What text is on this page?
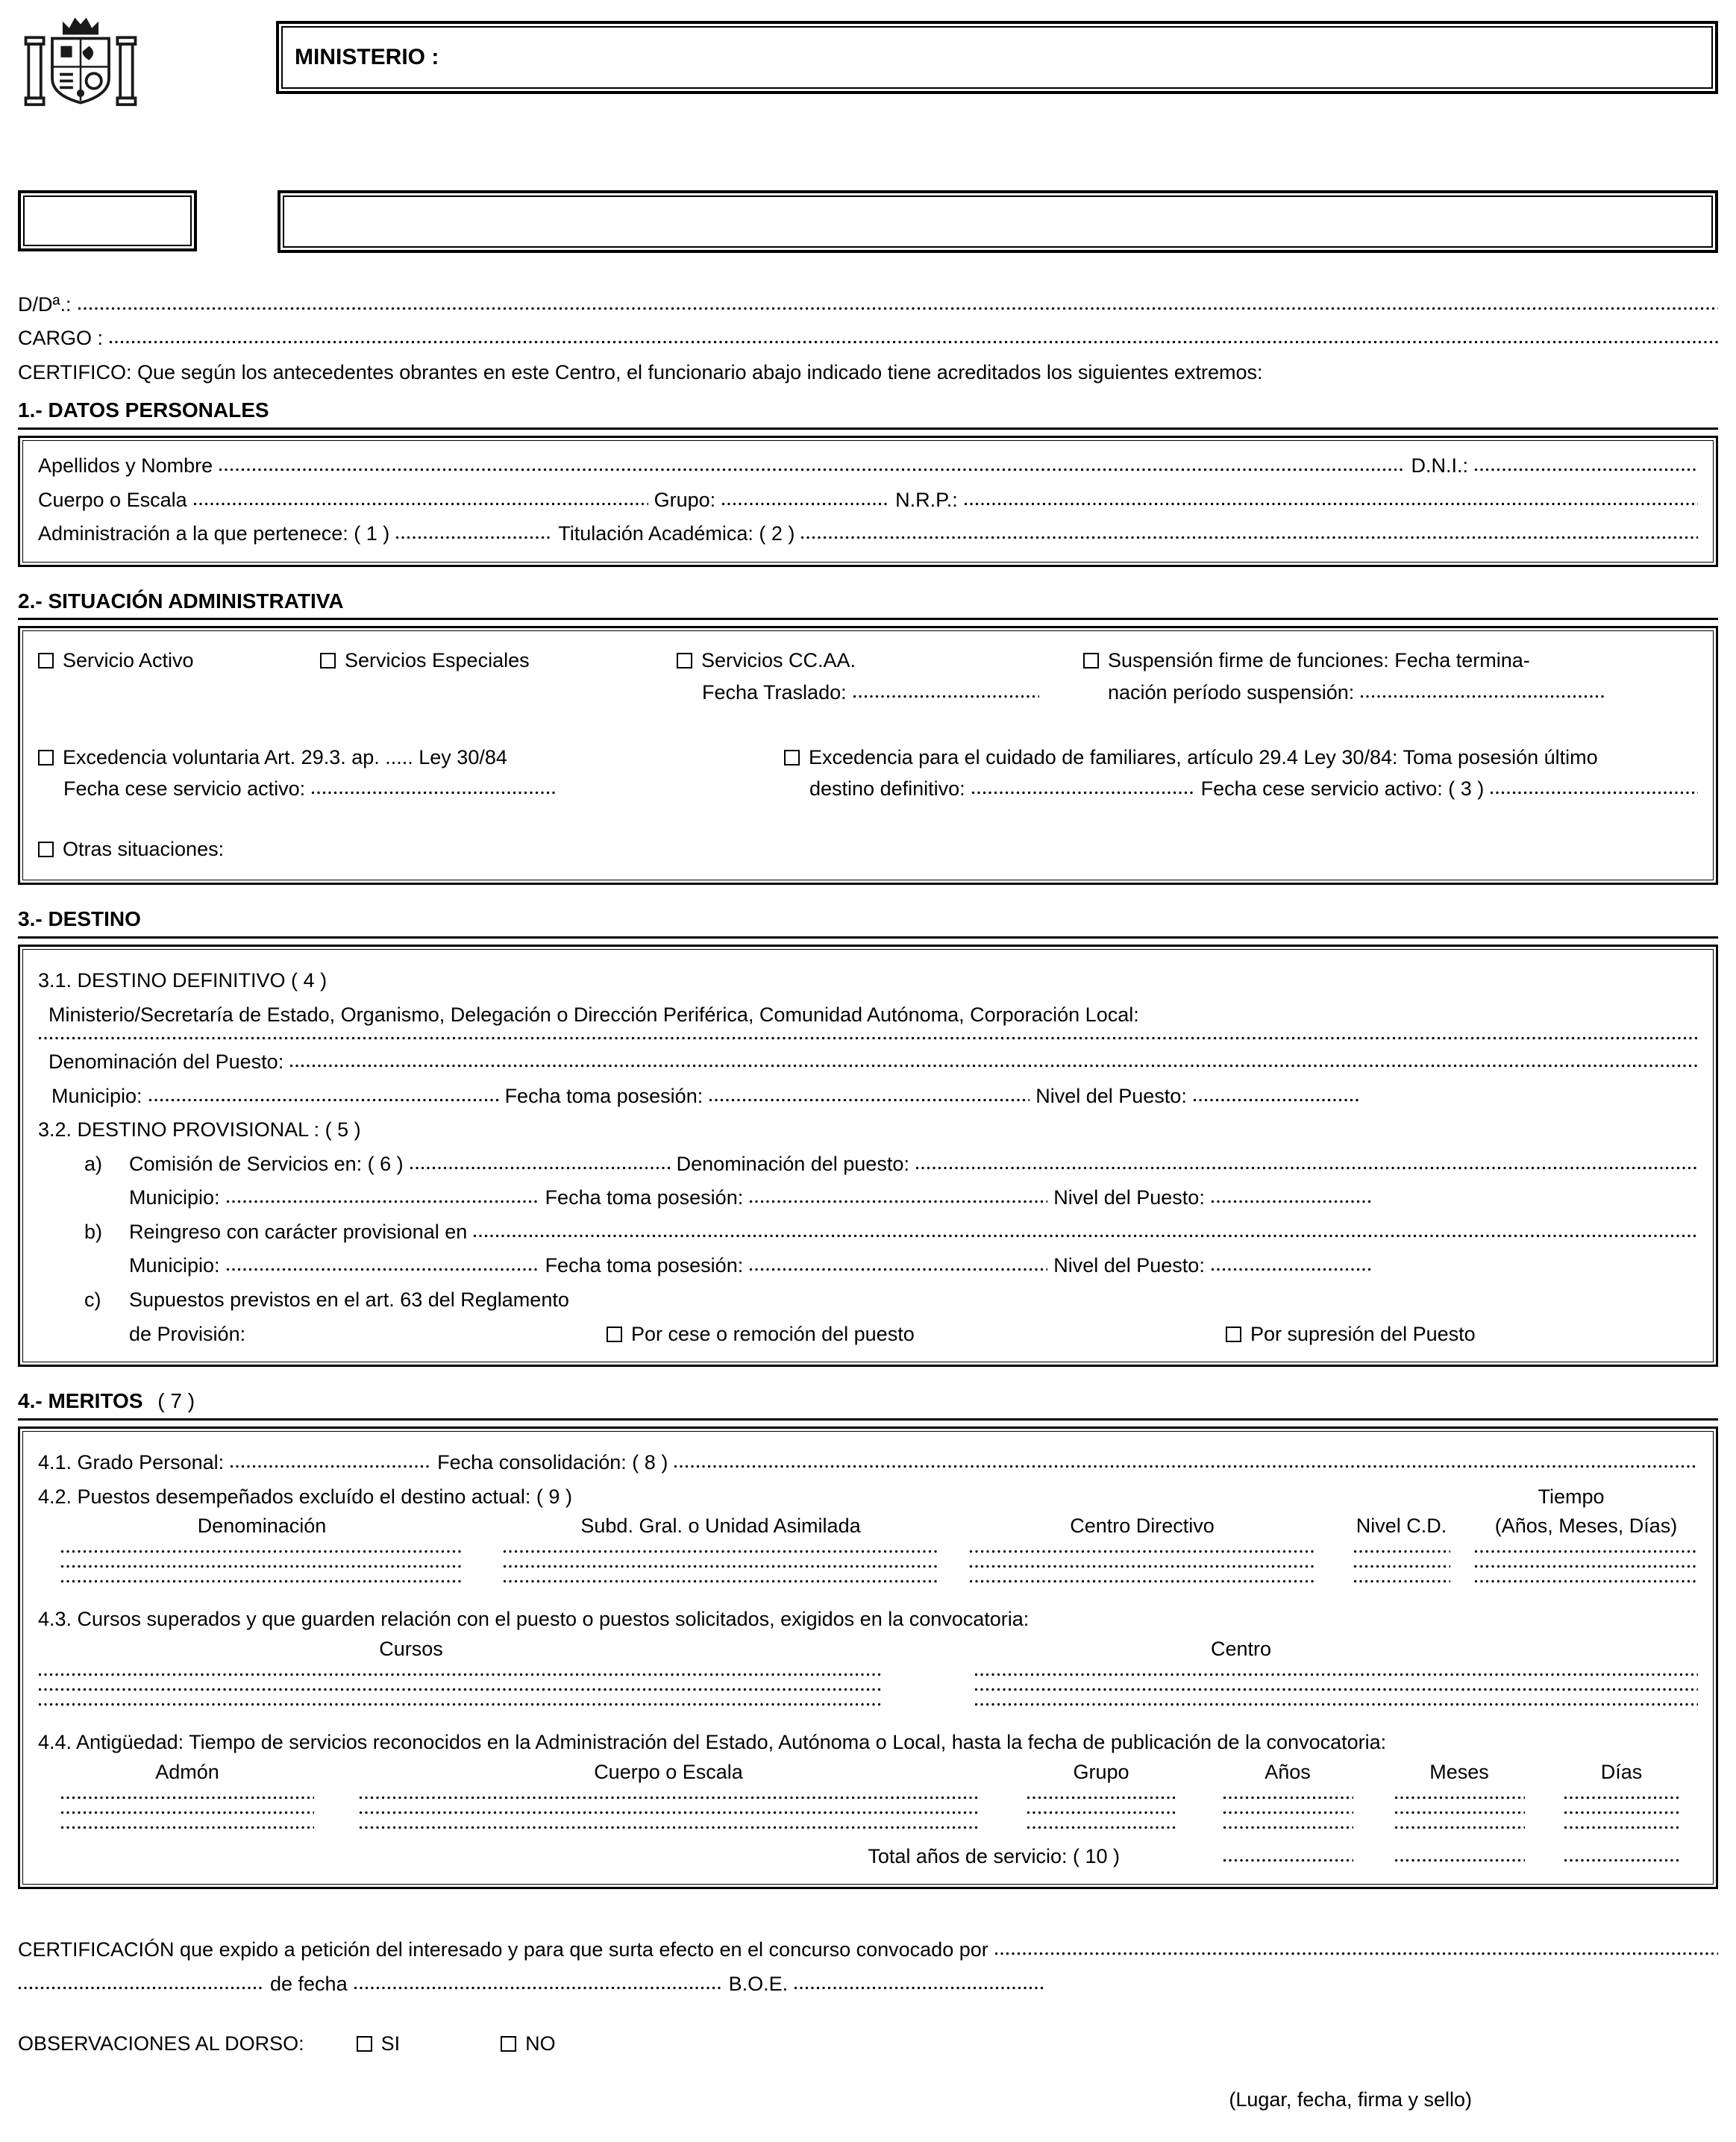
MINISTERIO :
D/Dª.:
CARGO :
CERTIFICO: Que según los antecedentes obrantes en este Centro, el funcionario abajo indicado tiene acreditados los siguientes extremos:
1.- DATOS PERSONALES
Apellidos y Nombre	D.N.I.:
Cuerpo o Escala	Grupo:	N.R.P.:
Administración a la que pertenece: ( 1 )	Titulación Académica: ( 2 )
2.- SITUACIÓN ADMINISTRATIVA
Servicio Activo	Servicios Especiales	Servicios CC.AA.
Fecha Traslado:
Suspensión firme de funciones: Fecha termina-
nación período suspensión:
Excedencia voluntaria Art. 29.3. ap. ..... Ley 30/84
Fecha cese servicio activo:
Excedencia para el cuidado de familiares, artículo 29.4 Ley 30/84: Toma posesión último
destino definitivo:	Fecha cese servicio activo: ( 3 )
Otras situaciones:
3.- DESTINO
3.1. DESTINO DEFINITIVO ( 4 )
Ministerio/Secretaría de Estado, Organismo, Delegación o Dirección Periférica, Comunidad Autónoma, Corporación Local:
Denominación del Puesto:
Municipio:	Fecha toma posesión:	Nivel del Puesto:
3.2. DESTINO PROVISIONAL : ( 5 )
a)	Comisión de Servicios en: ( 6 )	Denominación del puesto:
Municipio:	Fecha toma posesión:	Nivel del Puesto:
b)	Reingreso con carácter provisional en
Municipio:	Fecha toma posesión:	Nivel del Puesto:
c)	Supuestos previstos en el art. 63 del Reglamento
de Provisión:	Por cese o remoción del puesto	Por supresión del Puesto
4.- MERITOS ( 7 )
4.1. Grado Personal:	Fecha consolidación: ( 8 )
4.2. Puestos desempeñados excluído el destino actual: ( 9 )	Tiempo
Denominación	Subd. Gral. o Unidad Asimilada	Centro Directivo	Nivel C.D.	(Años, Meses, Días)
4.3. Cursos superados y que guarden relación con el puesto o puestos solicitados, exigidos en la convocatoria:
Cursos	Centro
4.4. Antigüedad: Tiempo de servicios reconocidos en la Administración del Estado, Autónoma o Local, hasta la fecha de publicación de la convocatoria:
Admón	Cuerpo o Escala	Grupo	Años	Meses	Días
Total años de servicio: ( 10 )
CERTIFICACIÓN que expido a petición del interesado y para que surta efecto en el concurso convocado por
de fecha	B.O.E.
OBSERVACIONES AL DORSO:	SI	NO
(Lugar, fecha, firma y sello)
